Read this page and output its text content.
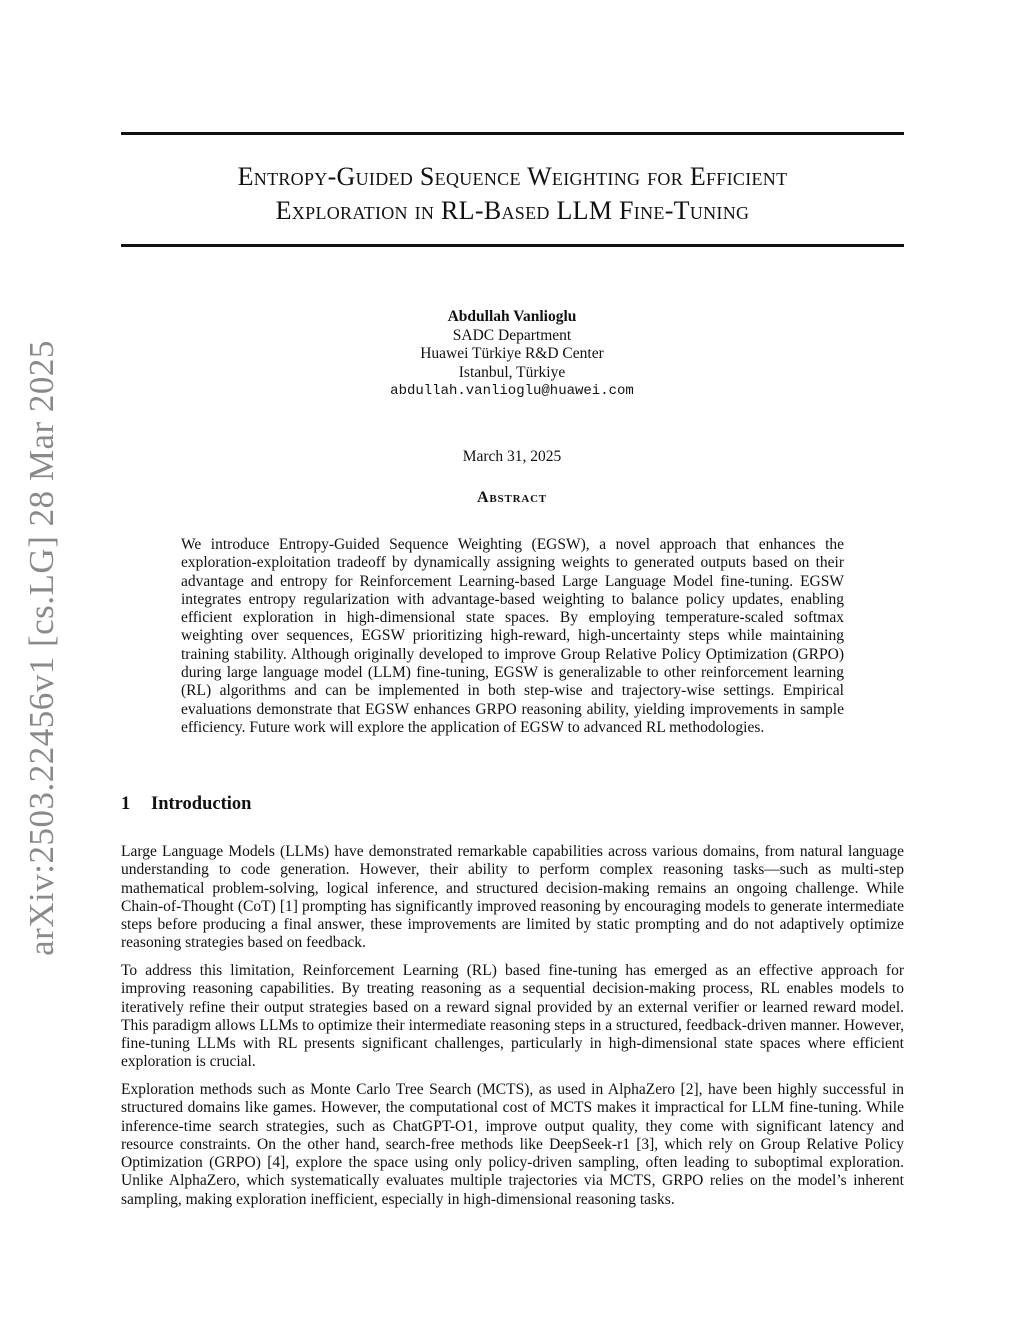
arXiv:2503.22456v1 [cs.LG] 28 Mar 2025
Entropy-Guided Sequence Weighting for Efficient
Exploration in RL-Based LLM Fine-Tuning
Abdullah Vanlioglu
SADC Department
Huawei Türkiye R&D Center
Istanbul, Türkiye
abdullah.vanlioglu@huawei.com
March 31, 2025
Abstract
We introduce Entropy-Guided Sequence Weighting (EGSW), a novel approach that enhances the exploration-exploitation tradeoff by dynamically assigning weights to generated outputs based on their advantage and entropy for Reinforcement Learning-based Large Language Model fine-tuning. EGSW integrates entropy regularization with advantage-based weighting to balance policy updates, enabling efficient exploration in high-dimensional state spaces. By employing temperature-scaled softmax weighting over sequences, EGSW prioritizing high-reward, high-uncertainty steps while maintaining training stability. Although originally developed to improve Group Relative Policy Optimization (GRPO) during large language model (LLM) fine-tuning, EGSW is generalizable to other reinforcement learning (RL) algorithms and can be implemented in both step-wise and trajectory-wise settings. Empirical evaluations demonstrate that EGSW enhances GRPO reasoning ability, yielding improvements in sample efficiency. Future work will explore the application of EGSW to advanced RL methodologies.
1 Introduction
Large Language Models (LLMs) have demonstrated remarkable capabilities across various domains, from natural language understanding to code generation. However, their ability to perform complex reasoning tasks—such as multi-step mathematical problem-solving, logical inference, and structured decision-making remains an ongoing challenge. While Chain-of-Thought (CoT) [1] prompting has significantly improved reasoning by encouraging models to generate intermediate steps before producing a final answer, these improvements are limited by static prompting and do not adaptively optimize reasoning strategies based on feedback.
To address this limitation, Reinforcement Learning (RL) based fine-tuning has emerged as an effective approach for improving reasoning capabilities. By treating reasoning as a sequential decision-making process, RL enables models to iteratively refine their output strategies based on a reward signal provided by an external verifier or learned reward model. This paradigm allows LLMs to optimize their intermediate reasoning steps in a structured, feedback-driven manner. However, fine-tuning LLMs with RL presents significant challenges, particularly in high-dimensional state spaces where efficient exploration is crucial.
Exploration methods such as Monte Carlo Tree Search (MCTS), as used in AlphaZero [2], have been highly successful in structured domains like games. However, the computational cost of MCTS makes it impractical for LLM fine-tuning. While inference-time search strategies, such as ChatGPT-O1, improve output quality, they come with significant latency and resource constraints. On the other hand, search-free methods like DeepSeek-r1 [3], which rely on Group Relative Policy Optimization (GRPO) [4], explore the space using only policy-driven sampling, often leading to suboptimal exploration. Unlike AlphaZero, which systematically evaluates multiple trajectories via MCTS, GRPO relies on the model’s inherent sampling, making exploration inefficient, especially in high-dimensional reasoning tasks.
